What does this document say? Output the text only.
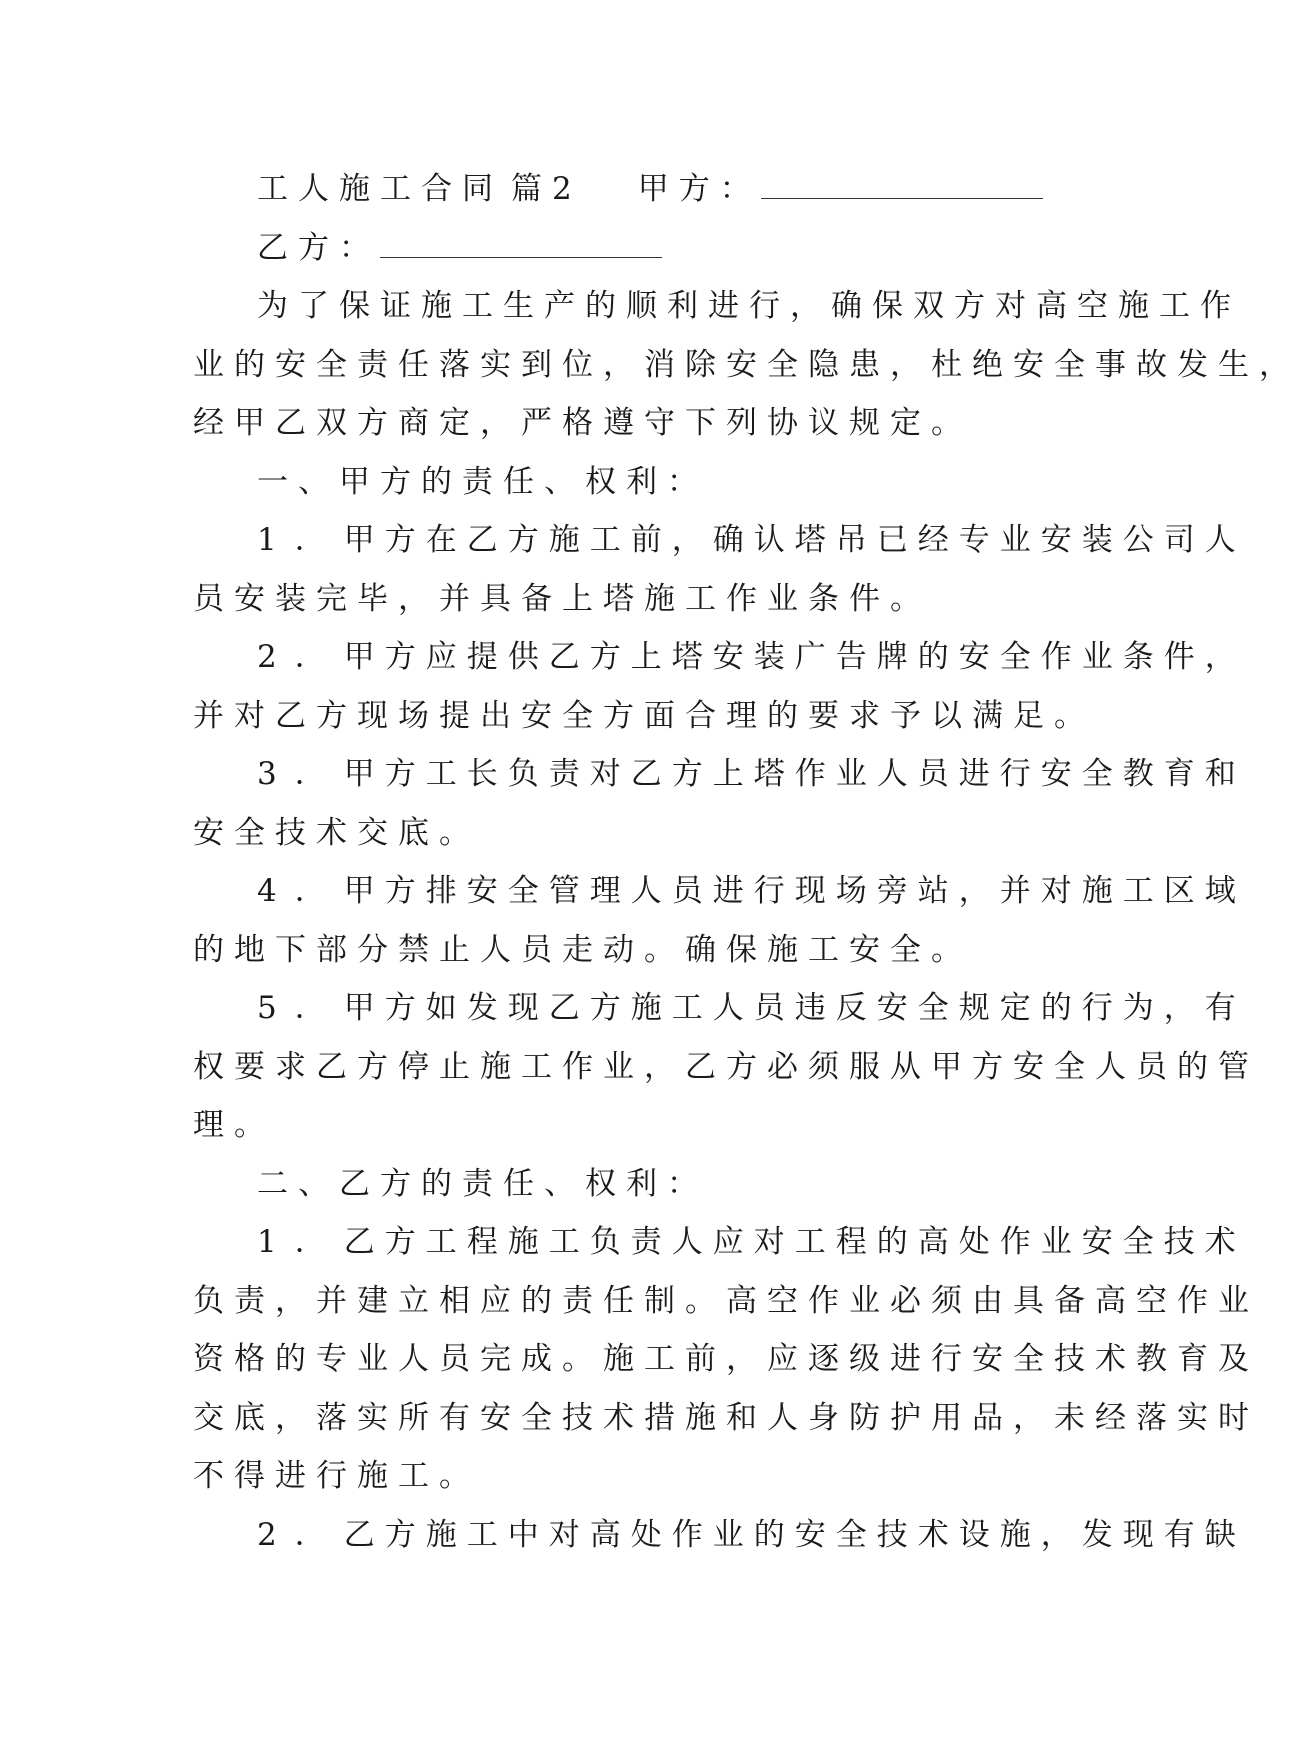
工人施工合同 篇2 甲方：
乙方：
为了保证施工生产的顺利进行，确保双方对高空施工作
业的安全责任落实到位，消除安全隐患，杜绝安全事故发生，
经甲乙双方商定，严格遵守下列协议规定。
一、甲方的责任、权利：
1．甲方在乙方施工前，确认塔吊已经专业安装公司人
员安装完毕，并具备上塔施工作业条件。
2．甲方应提供乙方上塔安装广告牌的安全作业条件，
并对乙方现场提出安全方面合理的要求予以满足。
3．甲方工长负责对乙方上塔作业人员进行安全教育和
安全技术交底。
4．甲方排安全管理人员进行现场旁站，并对施工区域
的地下部分禁止人员走动。确保施工安全。
5．甲方如发现乙方施工人员违反安全规定的行为，有
权要求乙方停止施工作业，乙方必须服从甲方安全人员的管
理。
二、乙方的责任、权利：
1．乙方工程施工负责人应对工程的高处作业安全技术
负责，并建立相应的责任制。高空作业必须由具备高空作业
资格的专业人员完成。施工前，应逐级进行安全技术教育及
交底，落实所有安全技术措施和人身防护用品，未经落实时
不得进行施工。
2．乙方施工中对高处作业的安全技术设施，发现有缺
